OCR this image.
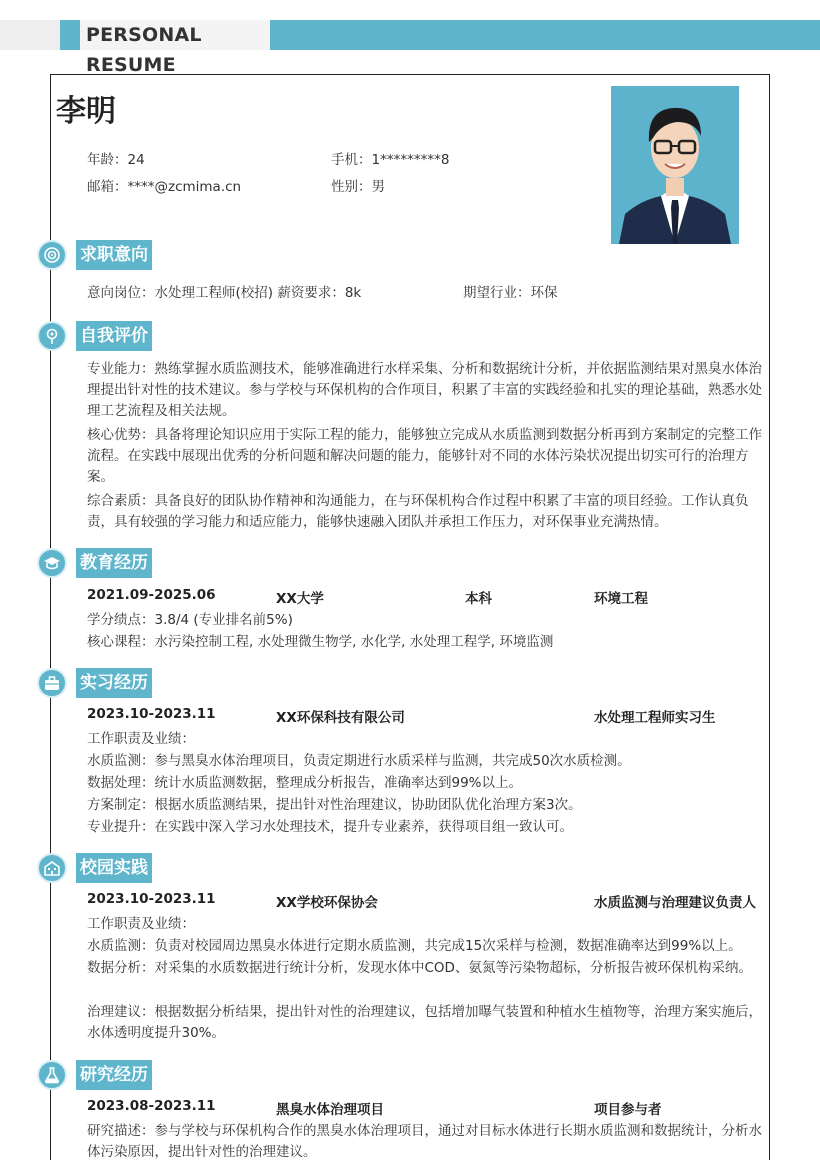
PERSONAL RESUME
李明
年龄：24	手机：1*********8
邮箱：****@zcmima.cn	性别：男
求职意向
意向岗位：水处理工程师(校招) 薪资要求：8k	期望行业：环保
自我评价
专业能力：熟练掌握水质监测技术，能够准确进行水样采集、分析和数据统计分析，并依据监测结果对黑臭水体治理提出针对性的技术建议。参与学校与环保机构的合作项目，积累了丰富的实践经验和扎实的理论基础，熟悉水处理工艺流程及相关法规。
核心优势：具备将理论知识应用于实际工程的能力，能够独立完成从水质监测到数据分析再到方案制定的完整工作流程。在实践中展现出优秀的分析问题和解决问题的能力，能够针对不同的水体污染状况提出切实可行的治理方案。
综合素质：具备良好的团队协作精神和沟通能力，在与环保机构合作过程中积累了丰富的项目经验。工作认真负责，具有较强的学习能力和适应能力，能够快速融入团队并承担工作压力，对环保事业充满热情。
教育经历
2021.09-2025.06	XX大学	本科	环境工程
学分绩点：3.8/4 (专业排名前5%)
核心课程：水污染控制工程, 水处理微生物学, 水化学, 水处理工程学, 环境监测
实习经历
2023.10-2023.11	XX环保科技有限公司	水处理工程师实习生
工作职责及业绩：
水质监测：参与黑臭水体治理项目，负责定期进行水质采样与监测，共完成50次水质检测。
数据处理：统计水质监测数据，整理成分析报告，准确率达到99%以上。
方案制定：根据水质监测结果，提出针对性治理建议，协助团队优化治理方案3次。
专业提升：在实践中深入学习水处理技术，提升专业素养，获得项目组一致认可。
校园实践
2023.10-2023.11	XX学校环保协会	水质监测与治理建议负责人
工作职责及业绩：
水质监测：负责对校园周边黑臭水体进行定期水质监测，共完成15次采样与检测，数据准确率达到99%以上。
数据分析：对采集的水质数据进行统计分析，发现水体中COD、氨氮等污染物超标，分析报告被环保机构采纳。
治理建议：根据数据分析结果，提出针对性的治理建议，包括增加曝气装置和种植水生植物等，治理方案实施后，水体透明度提升30%。
研究经历
2023.08-2023.11	黑臭水体治理项目	项目参与者
研究描述：参与学校与环保机构合作的黑臭水体治理项目，通过对目标水体进行长期水质监测和数据统计，分析水体污染原因，提出针对性的治理建议。
